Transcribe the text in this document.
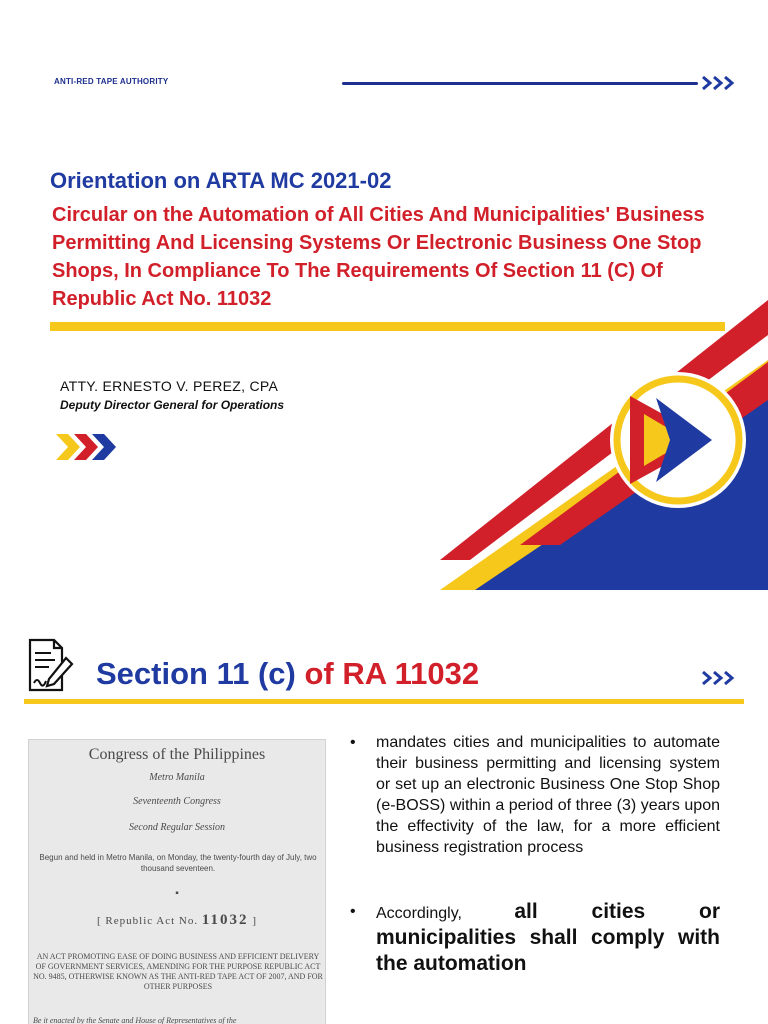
ANTI-RED TAPE AUTHORITY
Orientation on ARTA MC 2021-02
Circular on the Automation of All Cities And Municipalities' Business Permitting And Licensing Systems Or Electronic Business One Stop Shops, In Compliance To The Requirements Of Section 11 (C) Of Republic Act No. 11032
ATTY. ERNESTO V. PEREZ, CPA
Deputy Director General for Operations
Section 11 (c) of RA 11032
Congress of the Philippines
Metro Manila
Seventeenth Congress
Second Regular Session
Begun and held in Metro Manila, on Monday, the twenty-fourth day of July, two thousand seventeen.
▪
[ Republic Act No. 11032 ]
AN ACT PROMOTING EASE OF DOING BUSINESS AND EFFICIENT DELIVERY OF GOVERNMENT SERVICES, AMENDING FOR THE PURPOSE REPUBLIC ACT NO. 9485, OTHERWISE KNOWN AS THE ANTI-RED TAPE ACT OF 2007, AND FOR OTHER PURPOSES
Be it enacted by the Senate and House of Representatives of the
• mandates cities and municipalities to automate their business permitting and licensing system or set up an electronic Business One Stop Shop (e-BOSS) within a period of three (3) years upon the effectivity of the law, for a more efficient business registration process
• Accordingly, all cities or municipalities shall comply with the automation
